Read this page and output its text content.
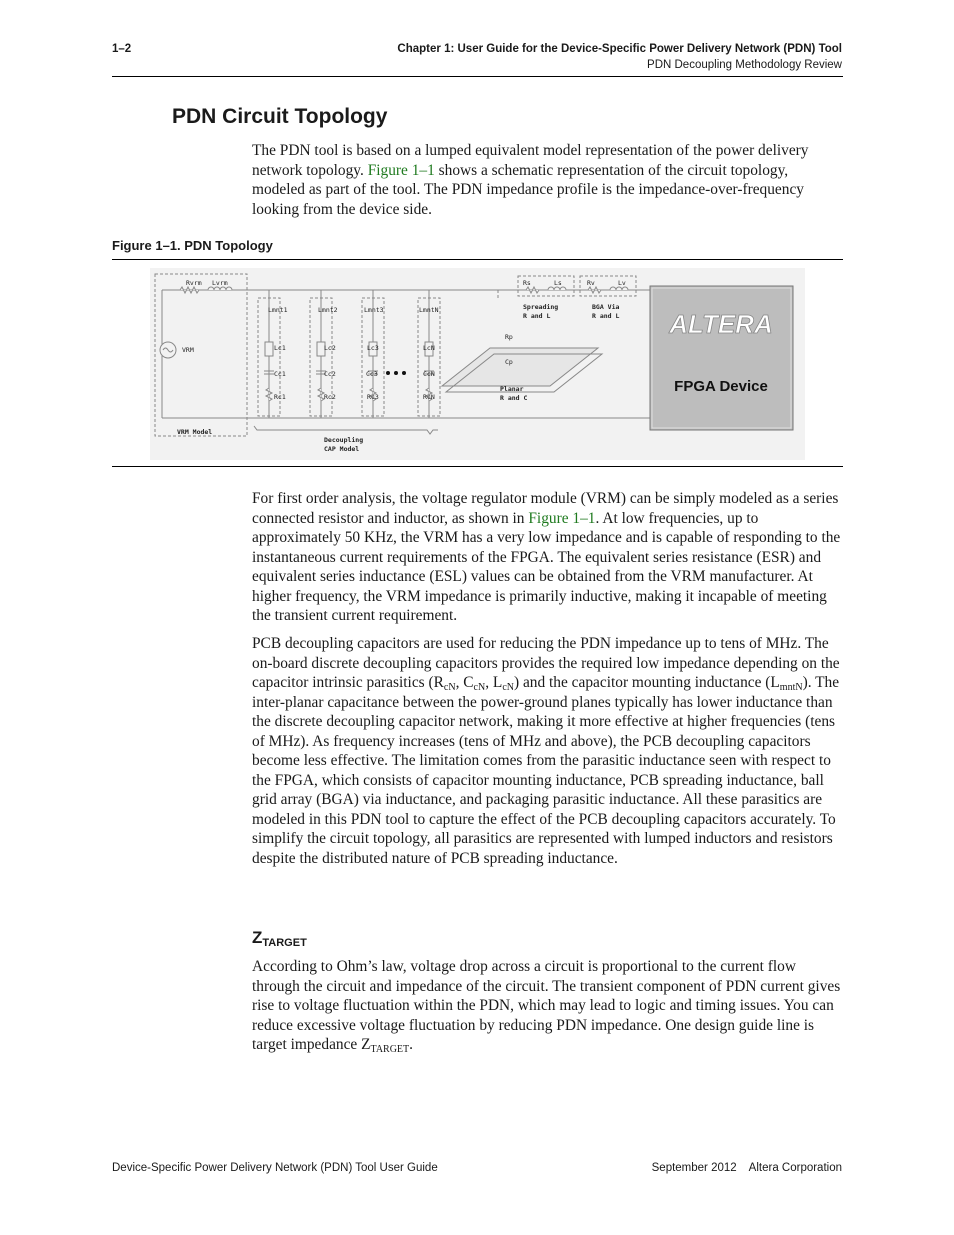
1–2	Chapter 1: User Guide for the Device-Specific Power Delivery Network (PDN) Tool
PDN Decoupling Methodology Review
PDN Circuit Topology

The PDN tool is based on a lumped equivalent model representation of the power delivery network topology. Figure 1–1 shows a schematic representation of the circuit topology, modeled as part of the tool. The PDN impedance profile is the impedance-over-frequency looking from the device side.

Figure 1–1. PDN Topology
ALTERA
FPGA Device
Rvrm Lvrm
VRM
VRM Model
Lmnt1
Lc1
Cc1
Rc1
Lmnt2
Lc2
Cc2
Rc2
Lmnt3
Lc3
Cc3
Rc3
LmntN
LcN
CcN
RcN
Decoupling
CAP Model
Rs	Ls
Spreading
R and L
Rv	Lv
BGA Via
R and L
Rp
Cp
Planar
R and C

For first order analysis, the voltage regulator module (VRM) can be simply modeled as a series connected resistor and inductor, as shown in Figure 1–1. At low frequencies, up to approximately 50 KHz, the VRM has a very low impedance and is capable of responding to the instantaneous current requirements of the FPGA. The equivalent series resistance (ESR) and equivalent series inductance (ESL) values can be obtained from the VRM manufacturer. At higher frequency, the VRM impedance is primarily inductive, making it incapable of meeting the transient current requirement.

PCB decoupling capacitors are used for reducing the PDN impedance up to tens of MHz. The on-board discrete decoupling capacitors provides the required low impedance depending on the capacitor intrinsic parasitics ($R_{cN}$, $C_{cN}$, $L_{cN}$) and the capacitor mounting inductance $(L_{mntN})$. The inter-planar capacitance between the power-ground planes typically has lower inductance than the discrete decoupling capacitor network, making it more effective at higher frequencies (tens of MHz). As frequency increases (tens of MHz and above), the PCB decoupling capacitors become less effective. The limitation comes from the parasitic inductance seen with respect to the FPGA, which consists of capacitor mounting inductance, PCB spreading inductance, ball grid array (BGA) via inductance, and packaging parasitic inductance. All these parasitics are modeled in this PDN tool to capture the effect of the PCB decoupling capacitors accurately. To simplify the circuit topology, all parasitics are represented with lumped inductors and resistors despite the distributed nature of PCB spreading inductance.

$Z_{TARGET}$

According to Ohm’s law, voltage drop across a circuit is proportional to the current flow through the circuit and impedance of the circuit. The transient component of PDN current gives rise to voltage fluctuation within the PDN, which may lead to logic and timing issues. You can reduce excessive voltage fluctuation by reducing PDN impedance. One design guide line is target impedance $Z_{TARGET}$.

Device-Specific Power Delivery Network (PDN) Tool User Guide	September 2012 Altera Corporation
